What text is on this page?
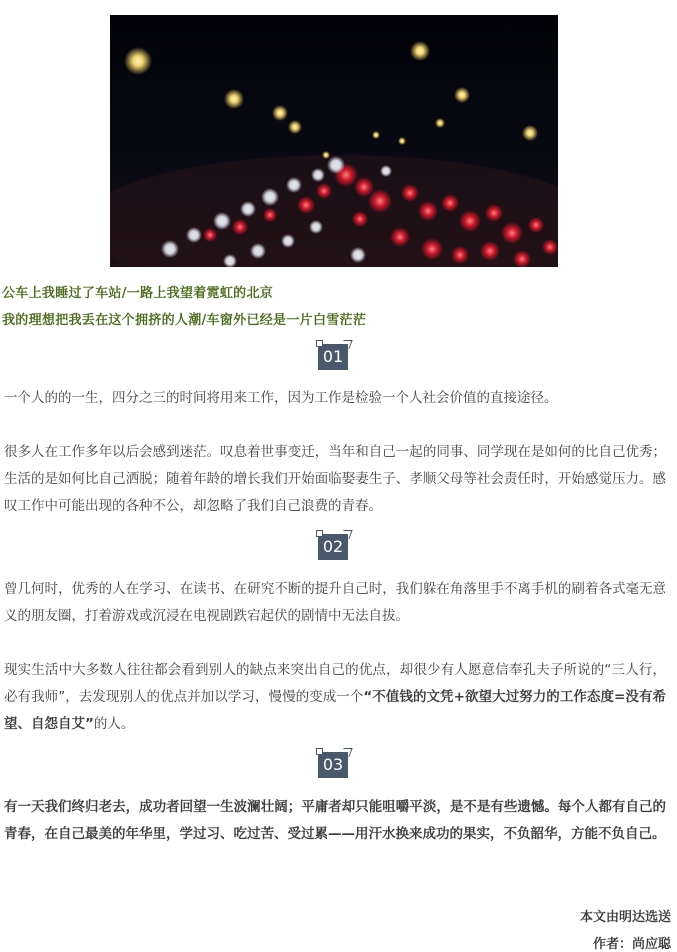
公车上我睡过了车站/一路上我望着霓虹的北京
我的理想把我丢在这个拥挤的人潮/车窗外已经是一片白雪茫茫
01

一个人的的一生，四分之三的时间将用来工作，因为工作是检验一个人社会价值的直接途径。

很多人在工作多年以后会感到迷茫。叹息着世事变迁，当年和自己一起的同事、同学现在是如何的比自己优秀；生活的是如何比自己洒脱；随着年龄的增长我们开始面临娶妻生子、孝顺父母等社会责任时，开始感觉压力。感叹工作中可能出现的各种不公，却忽略了我们自己浪费的青春。

02

曾几何时，优秀的人在学习、在读书、在研究不断的提升自己时，我们躲在角落里手不离手机的刷着各式毫无意义的朋友圈，打着游戏或沉浸在电视剧跌宕起伏的剧情中无法自拔。

现实生活中大多数人往往都会看到别人的缺点来突出自己的优点，却很少有人愿意信奉孔夫子所说的“三人行，必有我师”，去发现别人的优点并加以学习，慢慢的变成一个“不值钱的文凭+欲望大过努力的工作态度=没有希望、自怨自艾”的人。

03

有一天我们终归老去，成功者回望一生波澜壮阔；平庸者却只能咀嚼平淡，是不是有些遗憾。每个人都有自己的青春，在自己最美的年华里，学过习、吃过苦、受过累——用汗水换来成功的果实，不负韶华，方能不负自己。

本文由明达选送
作者：尚应聪
